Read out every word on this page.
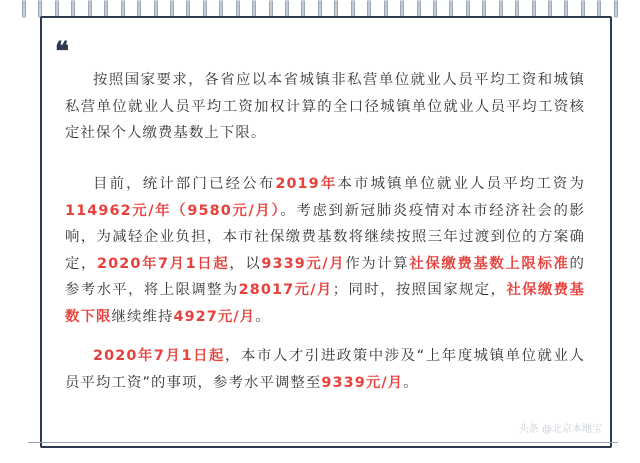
❝

按照国家要求，各省应以本省城镇非私营单位就业人员平均工资和城镇私营单位就业人员平均工资加权计算的全口径城镇单位就业人员平均工资核定社保个人缴费基数上下限。

目前，统计部门已经公布2019年本市城镇单位就业人员平均工资为114962元/年（9580元/月）。考虑到新冠肺炎疫情对本市经济社会的影响，为减轻企业负担，本市社保缴费基数将继续按照三年过渡到位的方案确定，2020年7月1日起，以9339元/月作为计算社保缴费基数上限标准的参考水平，将上限调整为28017元/月；同时，按照国家规定，社保缴费基数下限继续维持4927元/月。

2020年7月1日起，本市人才引进政策中涉及“上年度城镇单位就业人员平均工资”的事项，参考水平调整至9339元/月。

头条 @北京本地宝
